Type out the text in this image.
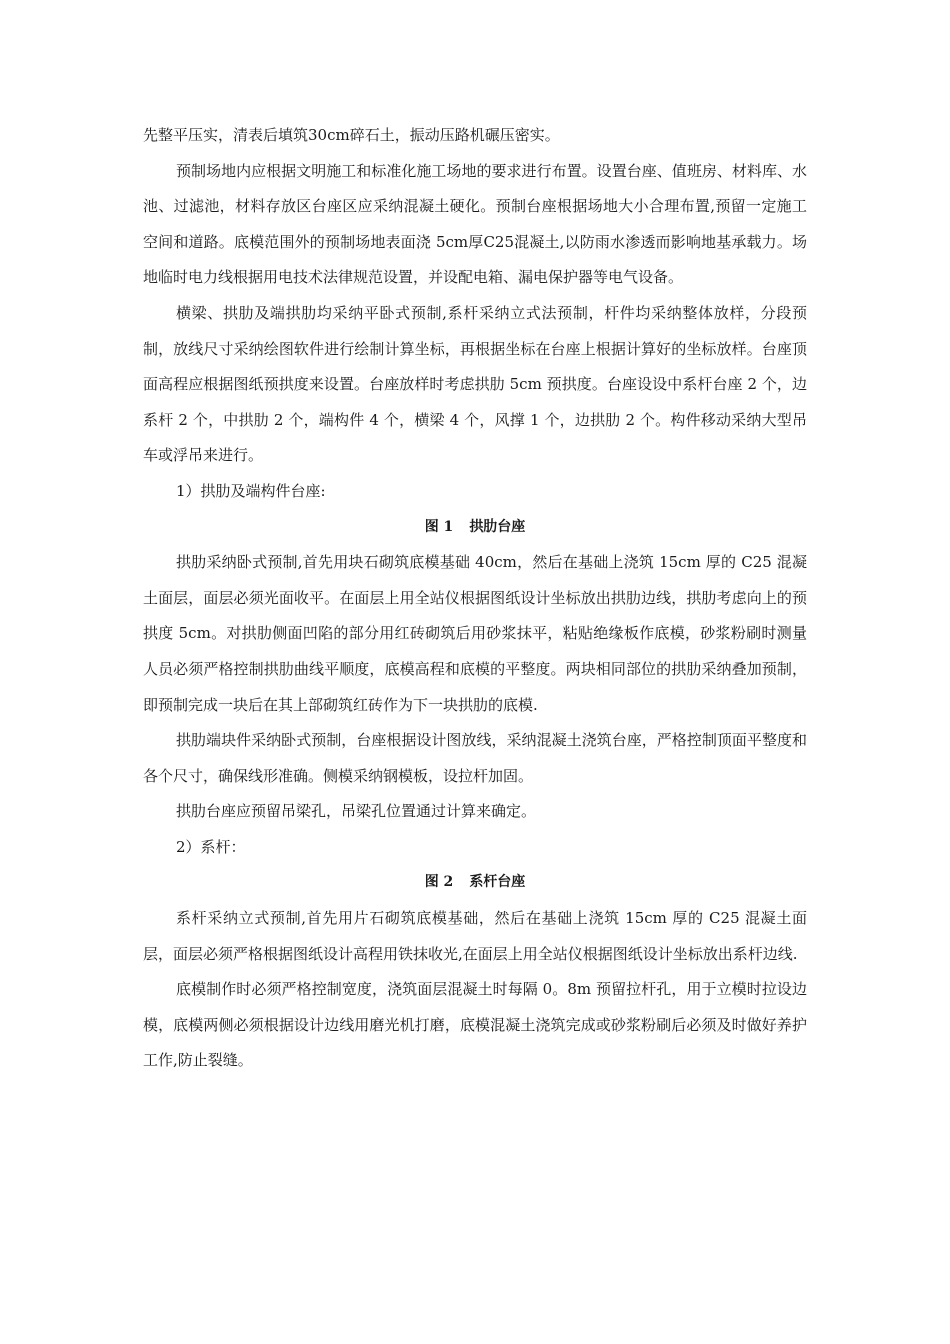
先整平压实，清表后填筑30cm碎石土，振动压路机碾压密实。

预制场地内应根据文明施工和标准化施工场地的要求进行布置。设置台座、值班房、材料库、水池、过滤池，材料存放区台座区应采纳混凝土硬化。预制台座根据场地大小合理布置,预留一定施工空间和道路。底模范围外的预制场地表面浇 5cm厚C25混凝土,以防雨水渗透而影响地基承载力。场地临时电力线根据用电技术法律规范设置，并设配电箱、漏电保护器等电气设备。

横梁、拱肋及端拱肋均采纳平卧式预制,系杆采纳立式法预制，杆件均采纳整体放样，分段预制，放线尺寸采纳绘图软件进行绘制计算坐标，再根据坐标在台座上根据计算好的坐标放样。台座顶面高程应根据图纸预拱度来设置。台座放样时考虑拱肋 5cm 预拱度。台座设设中系杆台座 2 个，边系杆 2 个，中拱肋 2 个，端构件 4 个，横梁 4 个，风撑 1 个，边拱肋 2 个。构件移动采纳大型吊车或浮吊来进行。

1）拱肋及端构件台座:

图 1 拱肋台座

拱肋采纳卧式预制,首先用块石砌筑底模基础 40cm，然后在基础上浇筑 15cm 厚的 C25 混凝土面层，面层必须光面收平。在面层上用全站仪根据图纸设计坐标放出拱肋边线，拱肋考虑向上的预拱度 5cm。对拱肋侧面凹陷的部分用红砖砌筑后用砂浆抹平，粘贴绝缘板作底模，砂浆粉刷时测量人员必须严格控制拱肋曲线平顺度，底模高程和底模的平整度。两块相同部位的拱肋采纳叠加预制，即预制完成一块后在其上部砌筑红砖作为下一块拱肋的底模.

拱肋端块件采纳卧式预制，台座根据设计图放线，采纳混凝土浇筑台座，严格控制顶面平整度和各个尺寸，确保线形准确。侧模采纳钢模板，设拉杆加固。

拱肋台座应预留吊梁孔，吊梁孔位置通过计算来确定。

2）系杆：

图 2 系杆台座

系杆采纳立式预制,首先用片石砌筑底模基础，然后在基础上浇筑 15cm 厚的 C25 混凝土面层，面层必须严格根据图纸设计高程用铁抹收光,在面层上用全站仪根据图纸设计坐标放出系杆边线.

底模制作时必须严格控制宽度，浇筑面层混凝土时每隔 0。8m 预留拉杆孔，用于立模时拉设边模，底模两侧必须根据设计边线用磨光机打磨，底模混凝土浇筑完成或砂浆粉刷后必须及时做好养护工作,防止裂缝。
